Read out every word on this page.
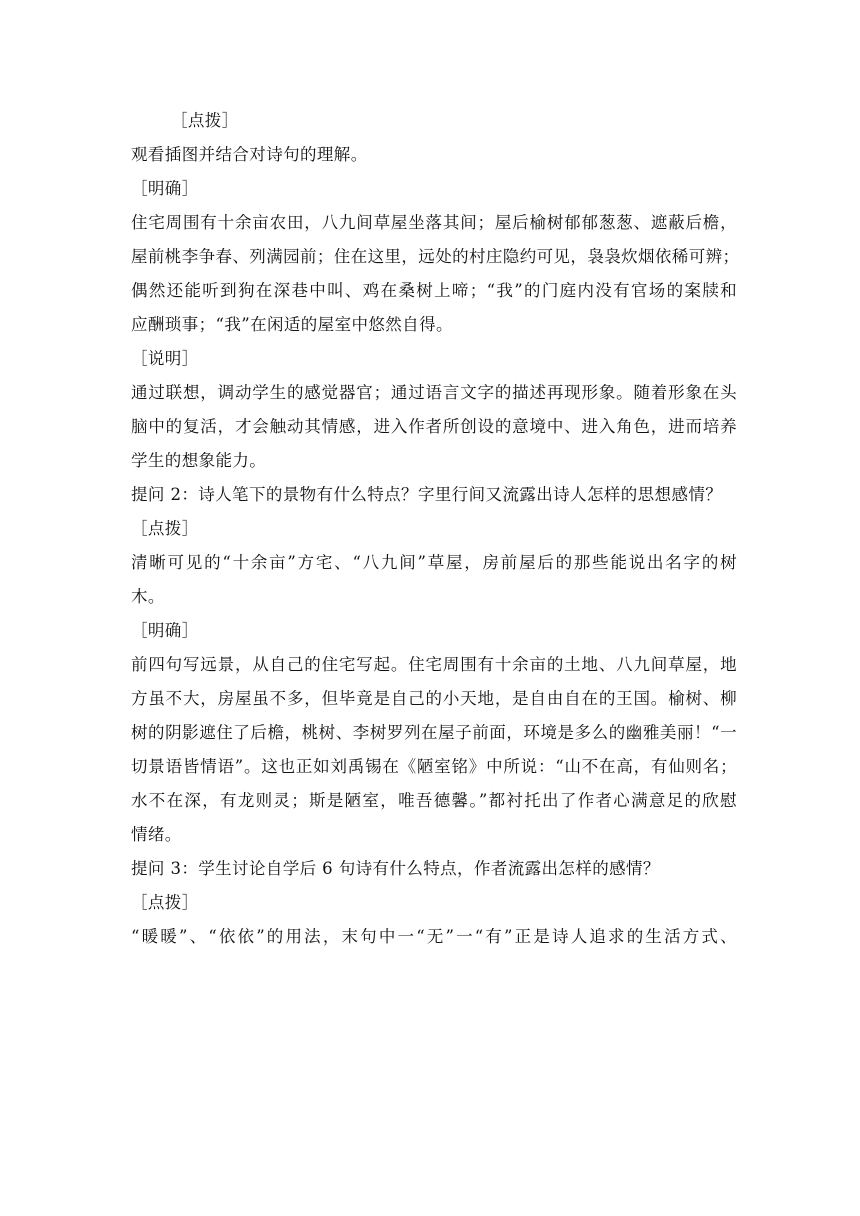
［点拨］
观看插图并结合对诗句的理解。
［明确］
住宅周围有十余亩农田，八九间草屋坐落其间；屋后榆树郁郁葱葱、遮蔽后檐，
屋前桃李争春、列满园前；住在这里，远处的村庄隐约可见，袅袅炊烟依稀可辨；
偶然还能听到狗在深巷中叫、鸡在桑树上啼；“我”的门庭内没有官场的案牍和
应酬琐事；“我”在闲适的屋室中悠然自得。
［说明］
通过联想，调动学生的感觉器官；通过语言文字的描述再现形象。随着形象在头
脑中的复活，才会触动其情感，进入作者所创设的意境中、进入角色，进而培养
学生的想象能力。
提问 2：诗人笔下的景物有什么特点？字里行间又流露出诗人怎样的思想感情？
［点拨］
清晰可见的“十余亩”方宅、“八九间”草屋，房前屋后的那些能说出名字的树
木。
［明确］
前四句写远景，从自己的住宅写起。住宅周围有十余亩的土地、八九间草屋，地
方虽不大，房屋虽不多，但毕竟是自己的小天地，是自由自在的王国。榆树、柳
树的阴影遮住了后檐，桃树、李树罗列在屋子前面，环境是多么的幽雅美丽！“一
切景语皆情语”。这也正如刘禹锡在《陋室铭》中所说：“山不在高，有仙则名；
水不在深，有龙则灵；斯是陋室，唯吾德馨。”都衬托出了作者心满意足的欣慰
情绪。
提问 3：学生讨论自学后 6 句诗有什么特点，作者流露出怎样的感情？
［点拨］
“暖暖”、“依依”的用法，末句中一“无”一“有”正是诗人追求的生活方式、
